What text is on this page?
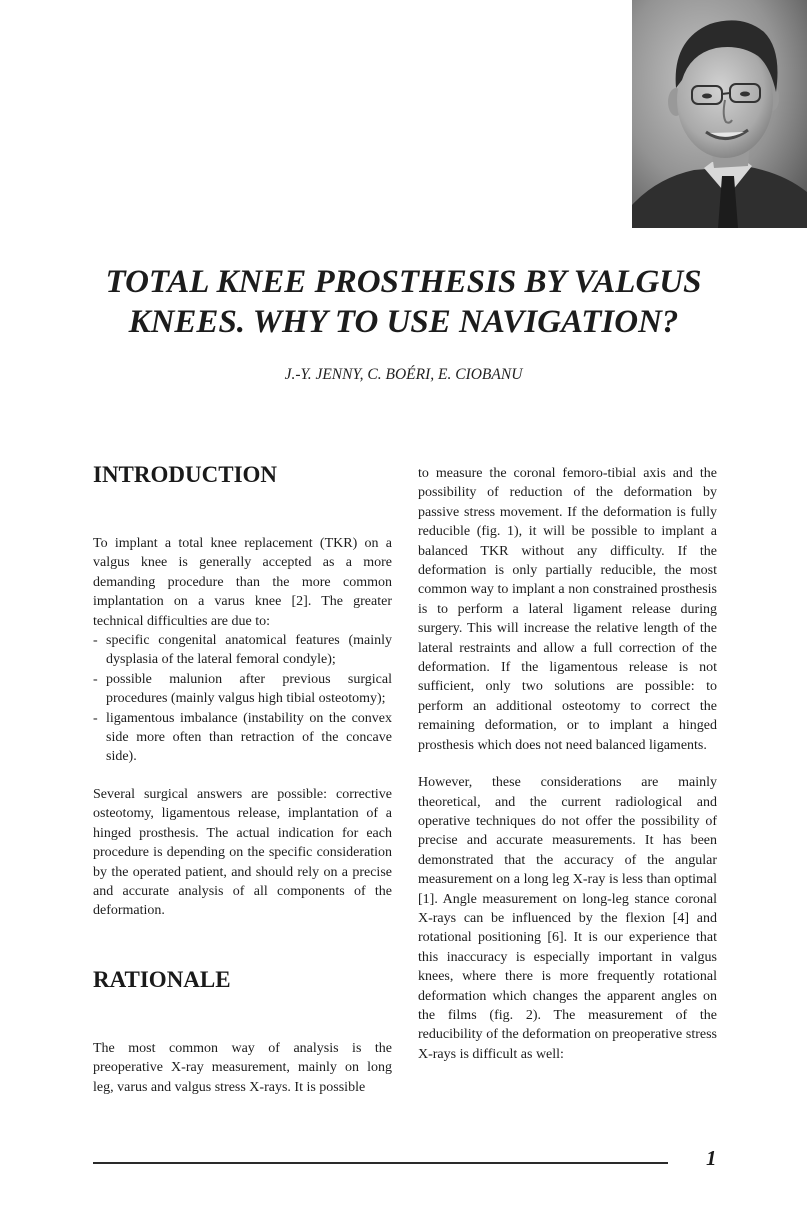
TOTAL KNEE PROSTHESIS BY VALGUS
KNEES. WHY TO USE NAVIGATION?
J.-Y. JENNY, C. BOÉRI, E. CIOBANU
INTRODUCTION

To implant a total knee replacement (TKR) on a valgus knee is generally accepted as a more demanding procedure than the more common implantation on a varus knee [2]. The greater technical difficulties are due to:

- specific congenital anatomical features (mainly dysplasia of the lateral femoral condyle);
- possible malunion after previous surgical procedures (mainly valgus high tibial osteotomy);
- ligamentous imbalance (instability on the convex side more often than retraction of the concave side).

Several surgical answers are possible: corrective osteotomy, ligamentous release, implantation of a hinged prosthesis. The actual indication for each procedure is depending on the specific consideration by the operated patient, and should rely on a precise and accurate analysis of all components of the deformation.

RATIONALE

The most common way of analysis is the preoperative X-ray measurement, mainly on long leg, varus and valgus stress X-rays. It is possible

to measure the coronal femoro-tibial axis and the possibility of reduction of the deformation by passive stress movement. If the deformation is fully reducible (fig. 1), it will be possible to implant a balanced TKR without any difficulty. If the deformation is only partially reducible, the most common way to implant a non constrained prosthesis is to perform a lateral ligament release during surgery. This will increase the relative length of the lateral restraints and allow a full correction of the deformation. If the ligamentous release is not sufficient, only two solutions are possible: to perform an additional osteotomy to correct the remaining deformation, or to implant a hinged prosthesis which does not need balanced ligaments.

However, these considerations are mainly theoretical, and the current radiological and operative techniques do not offer the possibility of precise and accurate measurements. It has been demonstrated that the accuracy of the angular measurement on a long leg X-ray is less than optimal [1]. Angle measurement on long-leg stance coronal X-rays can be influenced by the flexion [4] and rotational positioning [6]. It is our experience that this inaccuracy is especially important in valgus knees, where there is more frequently rotational deformation which changes the apparent angles on the films (fig. 2). The measurement of the reducibility of the deformation on preoperative stress X-rays is difficult as well:

1
